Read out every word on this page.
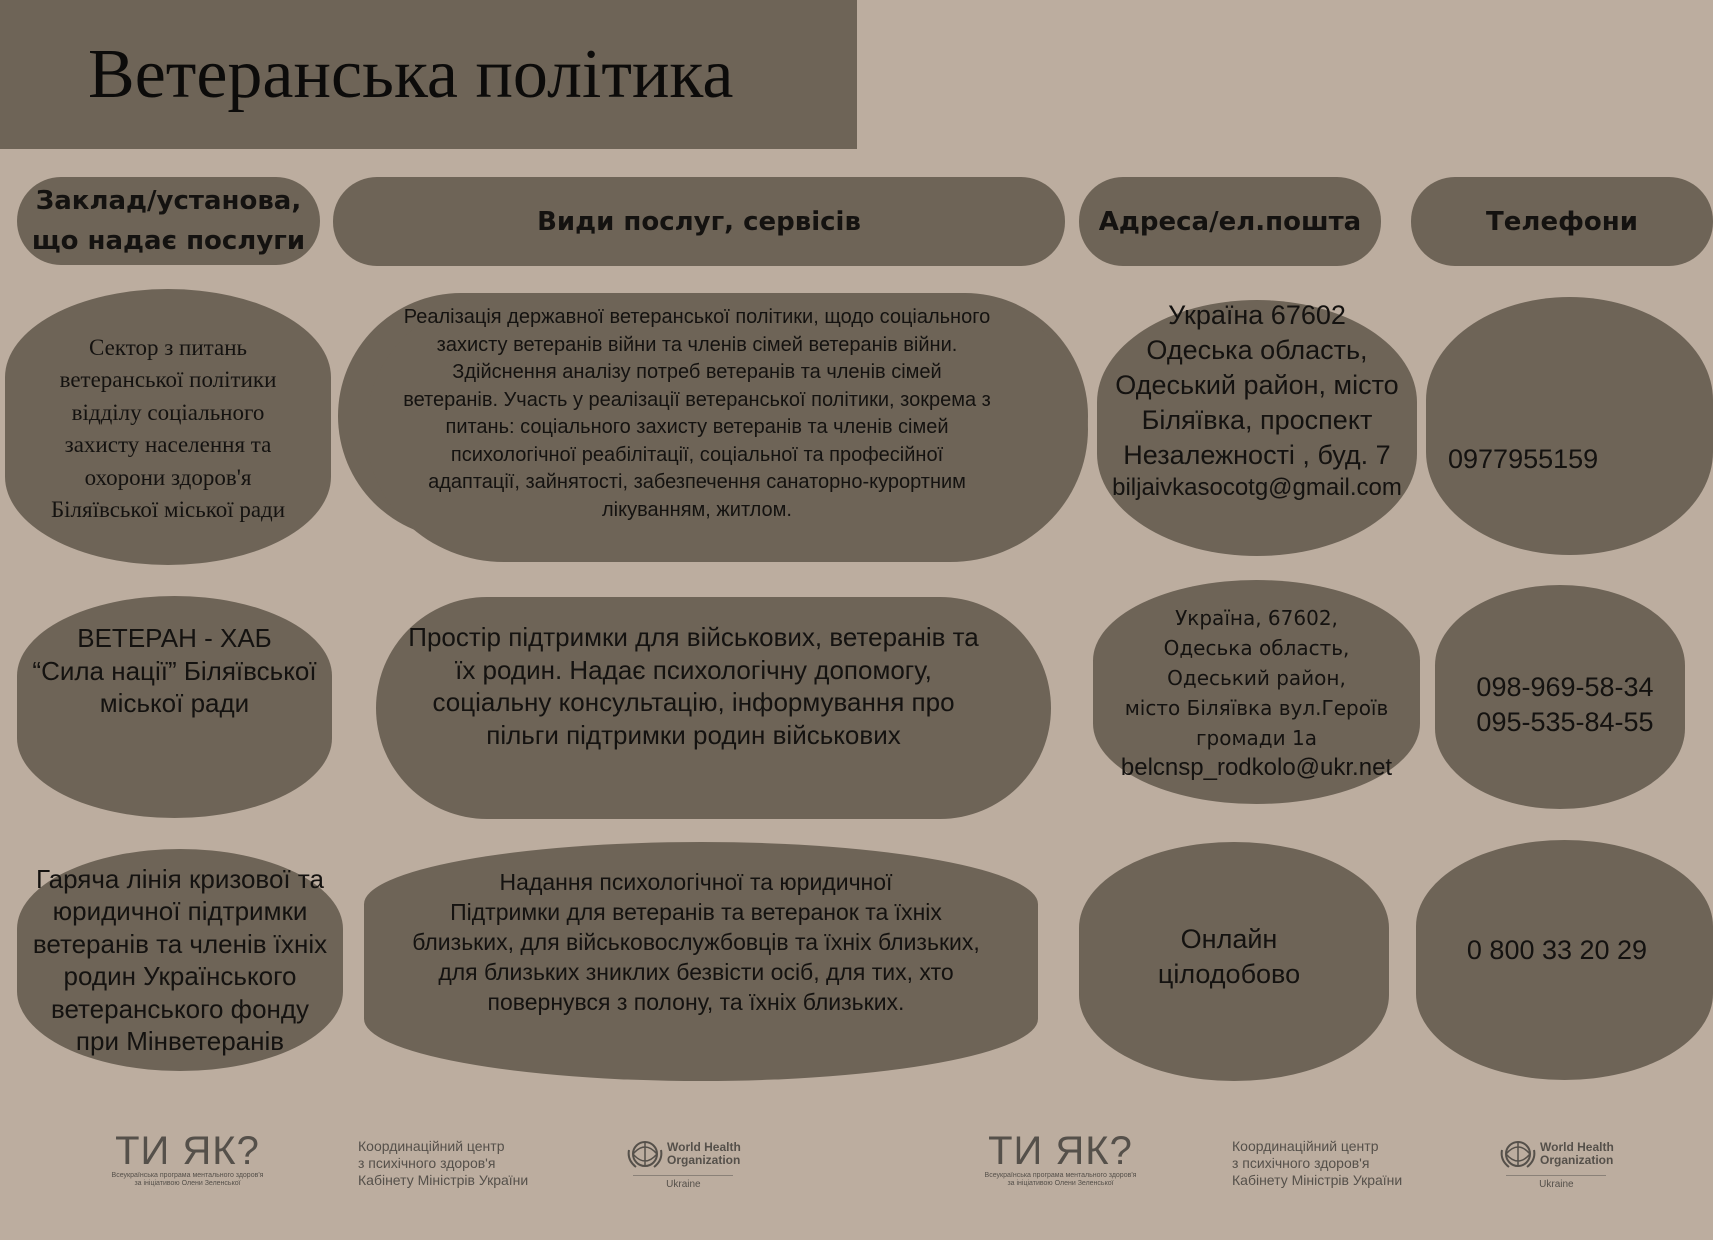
Ветеранська політика
Заклад/установа,
що надає послуги
Види послуг, сервісів	Адреса/ел.пошта	Телефони
Сектор з питань
ветеранської політики
відділу соціального
захисту населення та
охорони здоров'я
Біляївської міської ради
Реалізація державної ветеранської політики, щодо соціального
захисту ветеранів війни та членів сімей ветеранів війни.
Здійснення аналізу потреб ветеранів та членів сімей
ветеранів. Участь у реалізації ветеранської політики, зокрема з
питань: соціального захисту ветеранів та членів сімей
психологічної реабілітації, соціальної та професійної
адаптації, зайнятості, забезпечення санаторно-курортним
лікуванням, житлом.
Україна 67602
Одеська область,
Одеський район, місто
Біляївка, проспект
Незалежності , буд. 7
biljaivkasocotg@gmail.com
0977955159
ВЕТЕРАН - ХАБ
“Сила нації” Біляївської
міської ради
Простір підтримки для військових, ветеранів та
їх родин. Надає психологічну допомогу,
соціальну консультацію, інформування про
пільги підтримки родин військових
Україна, 67602,
Одеська область,
Одеський район,
місто Біляївка вул.Героїв
громади 1а
belcnsp_rodkolo@ukr.net
098-969-58-34
095-535-84-55
Гаряча лінія кризової та
юридичної підтримки
ветеранів та членів їхніх
родин Українського
ветеранського фонду
при Мінветеранів
Надання психологічної та юридичної
Підтримки для ветеранів та ветеранок та їхніх
близьких, для військовослужбовців та їхніх близьких,
для близьких зниклих безвісти осіб, для тих, хто
повернувся з полону, та їхніх близьких.
Онлайн
цілодобово
0 800 33 20 29
ТИ ЯК?
Всеукраїнська програма ментального здоров'я
за ініціативою Олени Зеленської
Координаційний центр
з психічного здоров'я
Кабінету Міністрів України
World Health
Organization
Ukraine
ТИ ЯК?
Всеукраїнська програма ментального здоров'я
за ініціативою Олени Зеленської
Координаційний центр
з психічного здоров'я
Кабінету Міністрів України
World Health
Organization
Ukraine
